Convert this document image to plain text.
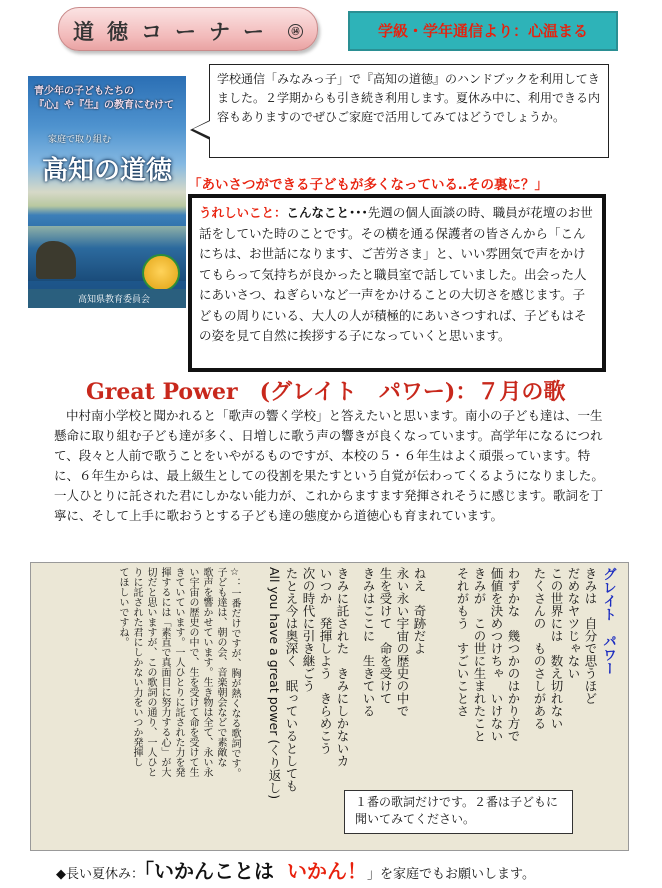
道徳コーナー	⑭	学級・学年通信より：心温まる
青少年の子どもたちの
『心』や『生』の教育にむけて
家庭で取り組む
高知の道徳
高知県教育委員会

学校通信「みなみっ子」で『高知の道徳』のハンドブックを利用してきました。２学期からも引き続き利用します。夏休み中に、利用できる内容もありますのでぜひご家庭で活用してみてはどうでしょうか。

「あいさつができる子どもが多くなっている‥その裏に？」

うれしいこと：こんなこと･･･先週の個人面談の時、職員が花壇のお世話をしていた時のことです。その横を通る保護者の皆さんから「こんにちは、お世話になります、ご苦労さま」と、いい雰囲気で声をかけてもらって気持ちが良かったと職員室で話していました。出会った人にあいさつ、ねぎらいなど一声をかけることの大切さを感じます。子どもの周りにいる、大人の人が積極的にあいさつすれば、子どもはその姿を見て自然に挨拶する子になっていくと思います。

Great Power　(グレイト　パワー)：７月の歌

中村南小学校と聞かれると「歌声の響く学校」と答えたいと思います。南小の子ども達は、一生懸命に取り組む子ども達が多く、日増しに歌う声の響きが良くなっています。高学年になるにつれて、段々と人前で歌うことをいやがるものですが、本校の５・６年生はよく頑張っています。特に、６年生からは、最上級生としての役割を果たすという自覚が伝わってくるようになりました。一人ひとりに託された君にしかない能力が、これからますます発揮されそうに感じます。歌詞を丁寧に、そして上手に歌おうとする子ども達の態度から道徳心も育まれています。

グレイト　パワー
きみは　自分で思うほど
だめなヤツじゃない
この世界には　数え切れない
たくさんの　ものさしがある
わずかな　幾つかのはかり方で
価値を決めつけちゃ　いけない
きみが　この世に生まれたこと
それがもう　すごいことさ
ねえ　奇跡だよ
永い永い宇宙の歴史の中で
生を受けて　命を受けて
きみはここに　生きている
きみに託された　きみにしかないカ
いつか　発揮しよう　きらめこう
次の時代に引き継ごう
たとえ今は奥深く　眠っているとしても
All you have a great power (くり返し)
☆：一番だけですが、胸が熱くなる歌詞です。
子ども達は、朝の会、音楽朝会などで素敵な
歌声を響かせています。生き物は全て、永い永
い宇宙の歴史の中で、生を受けて命を受けて生
きていています。一人ひとりに託された力を発
揮するには「素直で真面目に努力する心」が大
切だと思いますが、この歌詞の通り、一人ひと
りに託された君にしかない力をいつか発揮し
てほしいですね。

１番の歌詞だけです。２番は子どもに聞いてみてください。

◆長い夏休み：「いかんことは　 いかん！」を家庭でもお願いします。
